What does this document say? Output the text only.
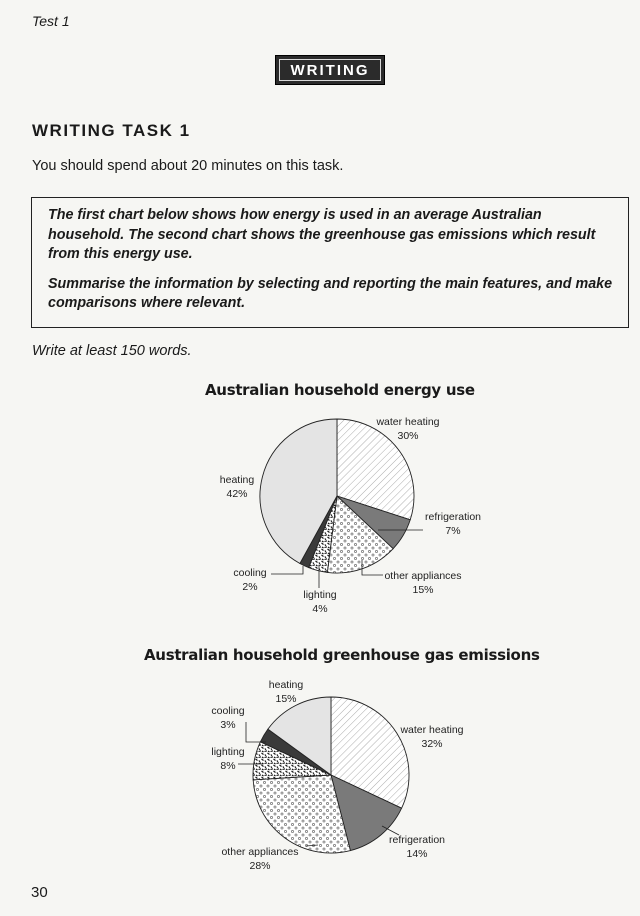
Test 1
WRITING
WRITING TASK 1
You should spend about 20 minutes on this task.

The first chart below shows how energy is used in an average Australian household. The second chart shows the greenhouse gas emissions which result from this energy use.

Summarise the information by selecting and reporting the main features, and make comparisons where relevant.

Write at least 150 words.
Australian household energy use
Australian household greenhouse gas emissions
water heating
30%
refrigeration
7%
other appliances
15%
lighting
4%
cooling
2%
heating
42%
water heating
32%
refrigeration
14%
other appliances
28%
lighting
8%
cooling
3%
heating
15%
30
